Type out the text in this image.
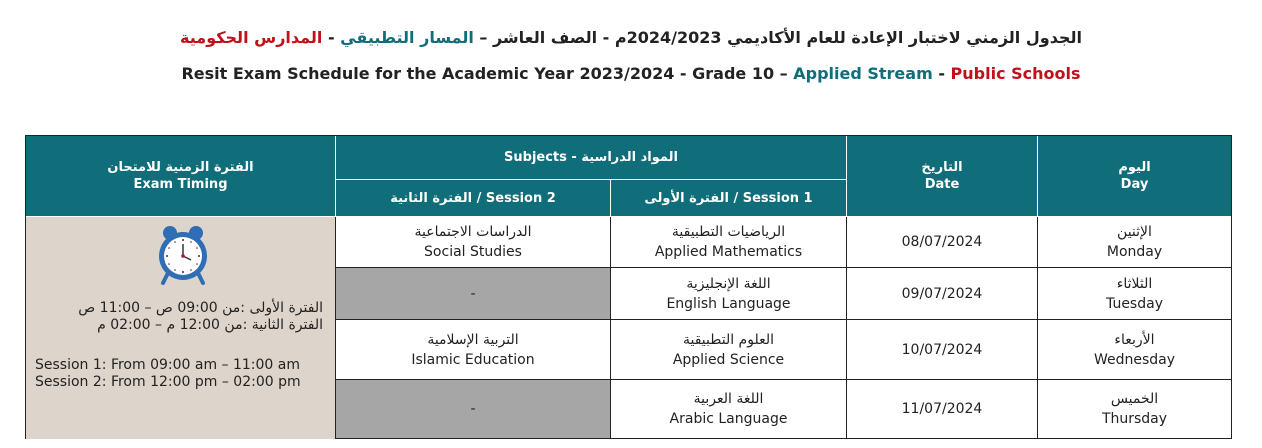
الجدول الزمني لاختبار الإعادة للعام الأكاديمي 2024/2023م - الصف العاشر – المسار التطبيقي - المدارس الحكومية
Resit Exam Schedule for the Academic Year 2023/2024 - Grade 10 – Applied Stream - Public Schools
الفترة الزمنية للامتحان
Exam Timing
Subjects - المواد الدراسية
الفترة الثانية / Session 2	الفترة الأولى / Session 1
التاريخ
Date
اليوم
Day
الفترة الأولى :من 09:00 ص – 11:00 ص
الفترة الثانية :من 12:00 م – 02:00 م
Session 1: From 09:00 am – 11:00 am
Session 2: From 12:00 pm – 02:00 pm
الدراسات الاجتماعية
Social Studies
الرياضيات التطبيقية
Applied Mathematics
08/07/2024
الإثنين
Monday
-
اللغة الإنجليزية
English Language
09/07/2024
الثلاثاء
Tuesday
التربية الإسلامية
Islamic Education
العلوم التطبيقية
Applied Science
10/07/2024
الأربعاء
Wednesday
-
اللغة العربية
Arabic Language
11/07/2024
الخميس
Thursday
